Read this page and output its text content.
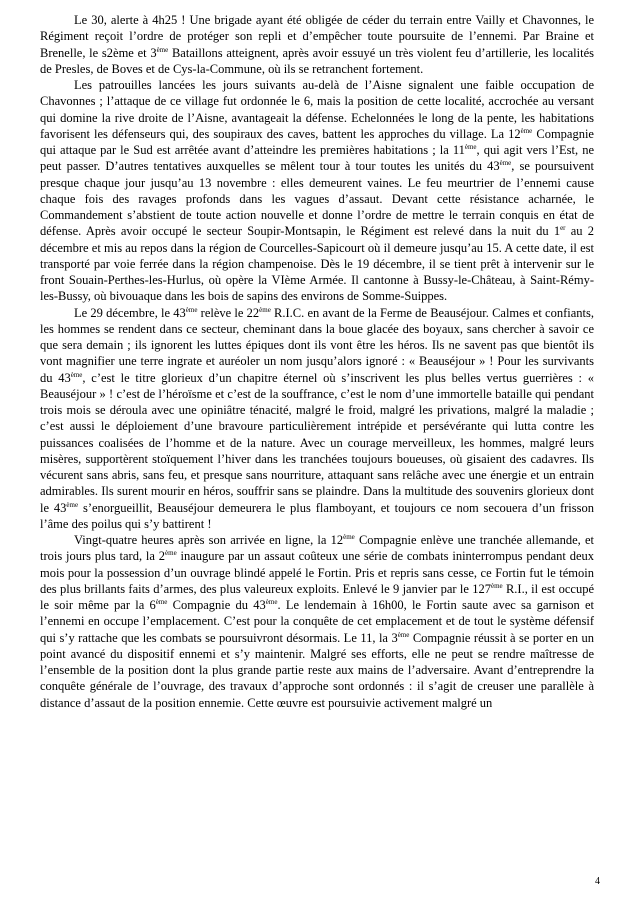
Le 30, alerte à 4h25 ! Une brigade ayant été obligée de céder du terrain entre Vailly et Chavonnes, le Régiment reçoit l’ordre de protéger son repli et d’empêcher toute poursuite de l’ennemi. Par Braine et Brenelle, le s2ème et 3ème Bataillons atteignent, après avoir essuyé un très violent feu d’artillerie, les localités de Presles, de Boves et de Cys-la-Commune, où ils se retranchent fortement.

Les patrouilles lancées les jours suivants au-delà de l’Aisne signalent une faible occupation de Chavonnes ; l’attaque de ce village fut ordonnée le 6, mais la position de cette localité, accrochée au versant qui domine la rive droite de l’Aisne, avantageait la défense. Echelonnées le long de la pente, les habitations favorisent les défenseurs qui, des soupiraux des caves, battent les approches du village. La 12ème Compagnie qui attaque par le Sud est arrêtée avant d’atteindre les premières habitations ; la 11ème, qui agit vers l’Est, ne peut passer. D’autres tentatives auxquelles se mêlent tour à tour toutes les unités du 43ème, se poursuivent presque chaque jour jusqu’au 13 novembre : elles demeurent vaines. Le feu meurtrier de l’ennemi cause chaque fois des ravages profonds dans les vagues d’assaut. Devant cette résistance acharnée, le Commandement s’abstient de toute action nouvelle et donne l’ordre de mettre le terrain conquis en état de défense. Après avoir occupé le secteur Soupir-Montsapin, le Régiment est relevé dans la nuit du 1er au 2 décembre et mis au repos dans la région de Courcelles-Sapicourt où il demeure jusqu’au 15. A cette date, il est transporté par voie ferrée dans la région champenoise. Dès le 19 décembre, il se tient prêt à intervenir sur le front Souain-Perthes-les-Hurlus, où opère la VIème Armée. Il cantonne à Bussy-le-Château, à Saint-Rémy-les-Bussy, où bivouaque dans les bois de sapins des environs de Somme-Suippes.

Le 29 décembre, le 43ème relève le 22ème R.I.C. en avant de la Ferme de Beauséjour. Calmes et confiants, les hommes se rendent dans ce secteur, cheminant dans la boue glacée des boyaux, sans chercher à savoir ce que sera demain ; ils ignorent les luttes épiques dont ils vont être les héros. Ils ne savent pas que bientôt ils vont magnifier une terre ingrate et auréoler un nom jusqu’alors ignoré : « Beauséjour » ! Pour les survivants du 43ème, c’est le titre glorieux d’un chapitre éternel où s’inscrivent les plus belles vertus guerrières : « Beauséjour » ! c’est de l’héroïsme et c’est de la souffrance, c’est le nom d’une immortelle bataille qui pendant trois mois se déroula avec une opiniâtre ténacité, malgré le froid, malgré les privations, malgré la maladie ; c’est aussi le déploiement d’une bravoure particulièrement intrépide et persévérante qui lutta contre les puissances coalisées de l’homme et de la nature. Avec un courage merveilleux, les hommes, malgré leurs misères, supportèrent stoïquement l’hiver dans les tranchées toujours boueuses, où gisaient des cadavres. Ils vécurent sans abris, sans feu, et presque sans nourriture, attaquant sans relâche avec une énergie et un entrain admirables. Ils surent mourir en héros, souffrir sans se plaindre. Dans la multitude des souvenirs glorieux dont le 43ème s’enorgueillit, Beauséjour demeurera le plus flamboyant, et toujours ce nom secouera d’un frisson l’âme des poilus qui s’y battirent !

Vingt-quatre heures après son arrivée en ligne, la 12ème Compagnie enlève une tranchée allemande, et trois jours plus tard, la 2ème inaugure par un assaut coûteux une série de combats ininterrompus pendant deux mois pour la possession d’un ouvrage blindé appelé le Fortin. Pris et repris sans cesse, ce Fortin fut le témoin des plus brillants faits d’armes, des plus valeureux exploits. Enlevé le 9 janvier par le 127ème R.I., il est occupé le soir même par la 6ème Compagnie du 43ème. Le lendemain à 16h00, le Fortin saute avec sa garnison et l’ennemi en occupe l’emplacement. C’est pour la conquête de cet emplacement et de tout le système défensif qui s’y rattache que les combats se poursuivront désormais. Le 11, la 3ème Compagnie réussit à se porter en un point avancé du dispositif ennemi et s’y maintenir. Malgré ses efforts, elle ne peut se rendre maîtresse de l’ensemble de la position dont la plus grande partie reste aux mains de l’adversaire. Avant d’entreprendre la conquête générale de l’ouvrage, des travaux d’approche sont ordonnés : il s’agit de creuser une parallèle à distance d’assaut de la position ennemie. Cette œuvre est poursuivie activement malgré un

4
